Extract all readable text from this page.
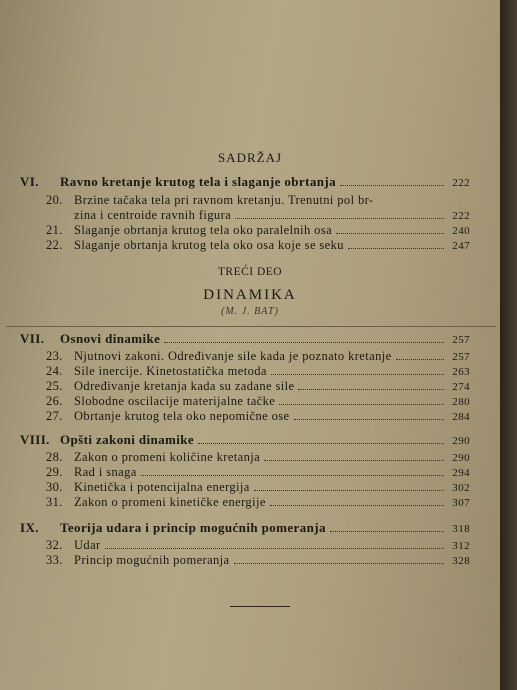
SADRŽAJ
VI.	Ravno kretanje krutog tela i slaganje obrtanja	222
20. Brzine tačaka tela pri ravnom kretanju. Trenutni pol br-
zina i centroide ravnih figura	222
21. Slaganje obrtanja krutog tela oko paralelnih osa	240
22. Slaganje obrtanja krutog tela oko osa koje se seku	247
TREĆI DEO
DINAMIKA
(M. J. BAT)
VII.	Osnovi dinamike	257
23. Njutnovi zakoni. Određivanje sile kada je poznato kretanje	257
24. Sile inercije. Kinetostatička metoda	263
25. Određivanje kretanja kada su zadane sile	274
26. Slobodne oscilacije materijalne tačke	280
27. Obrtanje krutog tela oko nepomične ose	284
VIII. Opšti zakoni dinamike	290
28. Zakon o promeni količine kretanja	290
29. Rad i snaga	294
30. Kinetička i potencijalna energija	302
31. Zakon o promeni kinetičke energije	307
IX.	Teorija udara i princip mogućnih pomeranja	318
32. Udar	312
33. Princip mogućnih pomeranja	328
